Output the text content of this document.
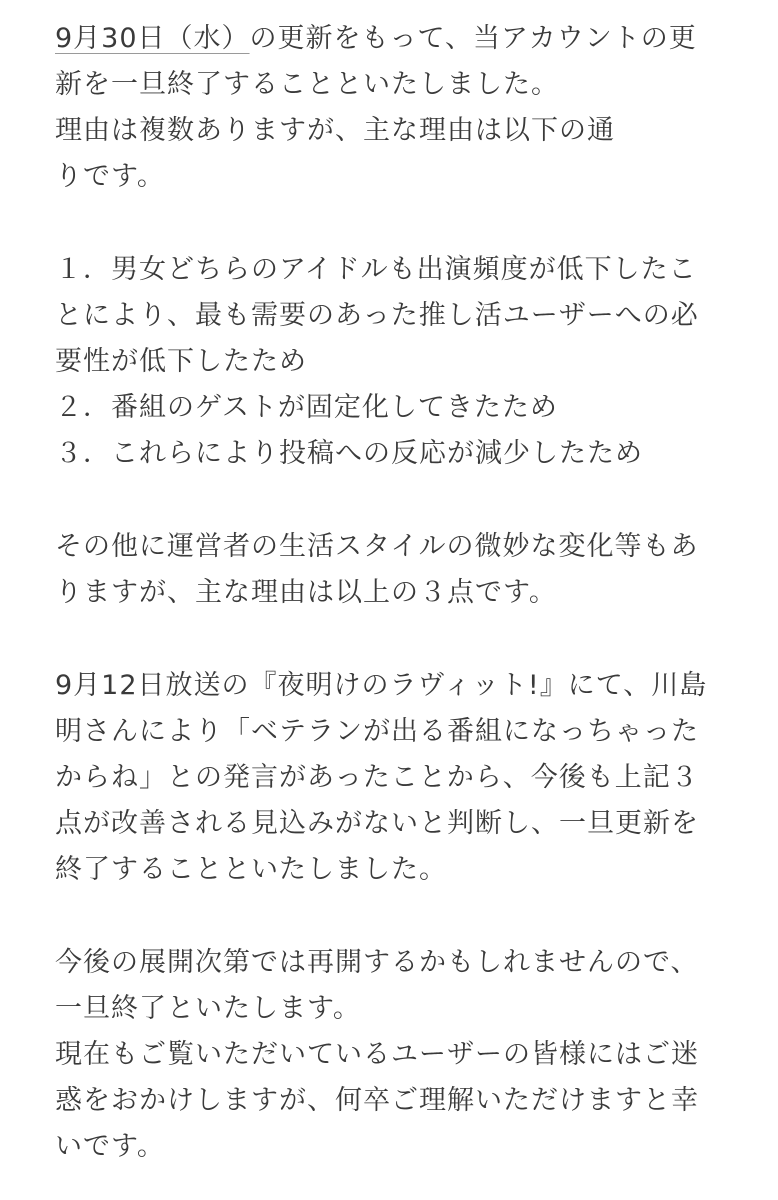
9月30日（水）の更新をもって、当アカウントの更
新を一旦終了することといたしました。
理由は複数ありますが、主な理由は以下の通
りです。
１．男女どちらのアイドルも出演頻度が低下したこ
とにより、最も需要のあった推し活ユーザーへの必
要性が低下したため
２．番組のゲストが固定化してきたため
３．これらにより投稿への反応が減少したため
その他に運営者の生活スタイルの微妙な変化等もあ
りますが、主な理由は以上の３点です。
9月12日放送の『夜明けのラヴィット!』にて、川島
明さんにより「ベテランが出る番組になっちゃった
からね」との発言があったことから、今後も上記３
点が改善される見込みがないと判断し、一旦更新を
終了することといたしました。
今後の展開次第では再開するかもしれませんので、
一旦終了といたします。
現在もご覧いただいているユーザーの皆様にはご迷
惑をおかけしますが、何卒ご理解いただけますと幸
いです。
